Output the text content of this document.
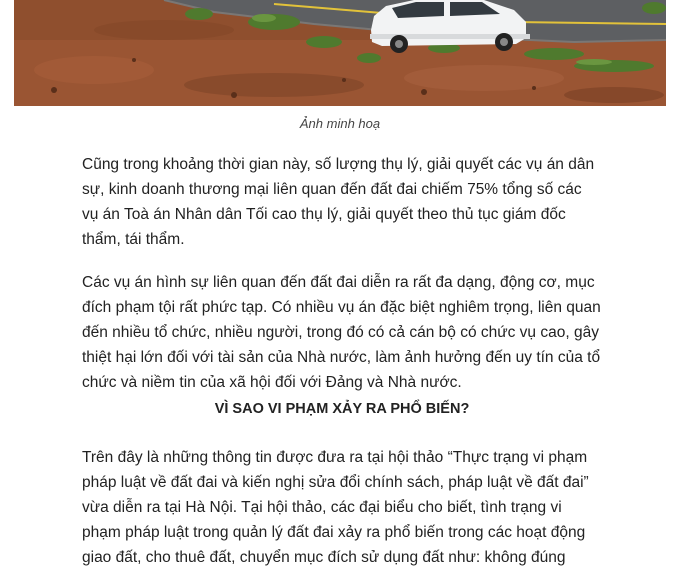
Ảnh minh hoạ

Cũng trong khoảng thời gian này, số lượng thụ lý, giải quyết các vụ án dân sự, kinh doanh thương mại liên quan đến đất đai chiếm 75% tổng số các vụ án Toà án Nhân dân Tối cao thụ lý, giải quyết theo thủ tục giám đốc thẩm, tái thẩm.

Các vụ án hình sự liên quan đến đất đai diễn ra rất đa dạng, động cơ, mục đích phạm tội rất phức tạp. Có nhiều vụ án đặc biệt nghiêm trọng, liên quan đến nhiều tổ chức, nhiều người, trong đó có cả cán bộ có chức vụ cao, gây thiệt hại lớn đối với tài sản của Nhà nước, làm ảnh hưởng đến uy tín của tổ chức và niềm tin của xã hội đối với Đảng và Nhà nước.

VÌ SAO VI PHẠM XẢY RA PHỔ BIẾN?

Trên đây là những thông tin được đưa ra tại hội thảo “Thực trạng vi phạm pháp luật về đất đai và kiến nghị sửa đổi chính sách, pháp luật về đất đai” vừa diễn ra tại Hà Nội. Tại hội thảo, các đại biểu cho biết, tình trạng vi phạm pháp luật trong quản lý đất đai xảy ra phổ biến trong các hoạt động giao đất, cho thuê đất, chuyển mục đích sử dụng đất như: không đúng
